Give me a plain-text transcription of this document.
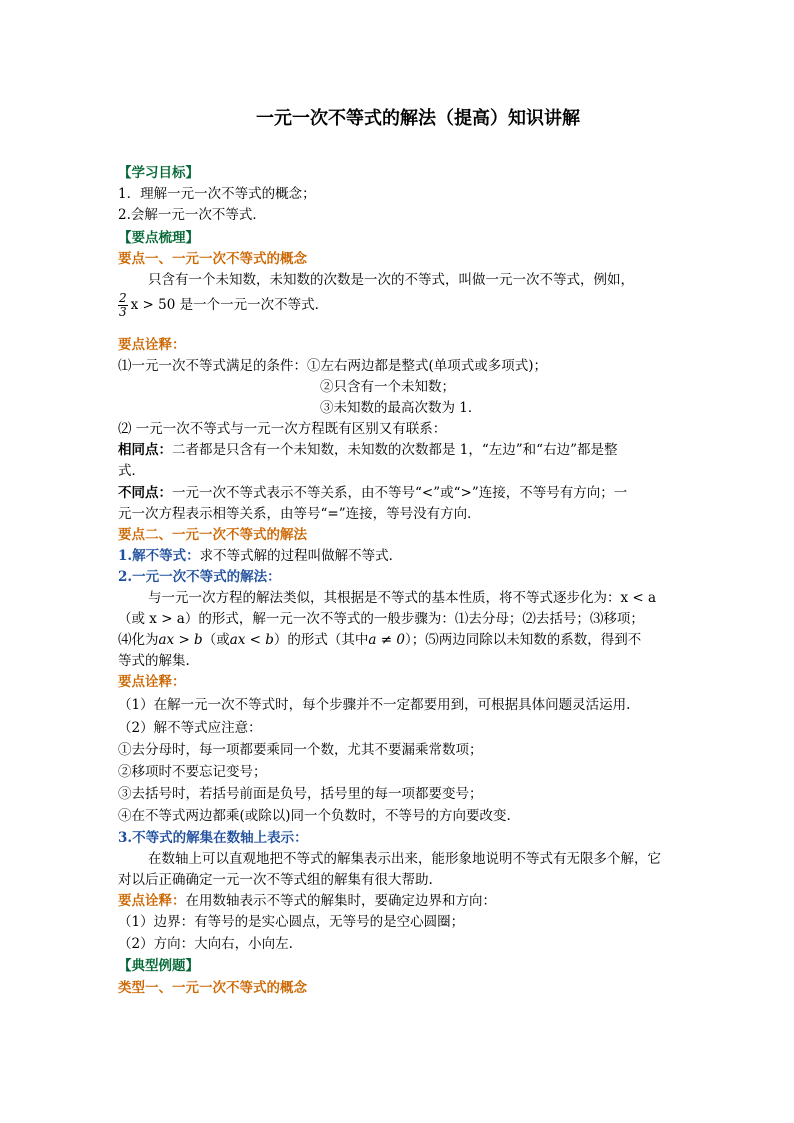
一元一次不等式的解法（提高）知识讲解
【学习目标】
1．理解一元一次不等式的概念；
2.会解一元一次不等式．
【要点梳理】
要点一、一元一次不等式的概念
只含有一个未知数，未知数的次数是一次的不等式，叫做一元一次不等式，例如，
$\frac{2}{3}$ x > 50 是一个一元一次不等式．
要点诠释：
⑴一元一次不等式满足的条件：①左右两边都是整式(单项式或多项式)；
②只含有一个未知数；
③未知数的最高次数为 1．
⑵ 一元一次不等式与一元一次方程既有区别又有联系：
相同点：二者都是只含有一个未知数，未知数的次数都是 1，“左边”和“右边”都是整
式．
不同点：一元一次不等式表示不等关系，由不等号“<”或“>”连接，不等号有方向；一
元一次方程表示相等关系，由等号“=”连接，等号没有方向．
要点二、一元一次不等式的解法
1.解不等式：求不等式解的过程叫做解不等式．
2.一元一次不等式的解法：
与一元一次方程的解法类似，其根据是不等式的基本性质，将不等式逐步化为：x < a
（或 x > a）的形式，解一元一次不等式的一般步骤为：⑴去分母；⑵去括号；⑶移项；
⑷化为ax > b（或ax < b）的形式（其中a ≠ 0）；⑸两边同除以未知数的系数，得到不
等式的解集.
要点诠释：
（1）在解一元一次不等式时，每个步骤并不一定都要用到，可根据具体问题灵活运用.
（2）解不等式应注意：
①去分母时，每一项都要乘同一个数，尤其不要漏乘常数项；
②移项时不要忘记变号；
③去括号时，若括号前面是负号，括号里的每一项都要变号；
④在不等式两边都乘(或除以)同一个负数时，不等号的方向要改变.
3.不等式的解集在数轴上表示：
在数轴上可以直观地把不等式的解集表示出来，能形象地说明不等式有无限多个解，它
对以后正确确定一元一次不等式组的解集有很大帮助.
要点诠释：在用数轴表示不等式的解集时，要确定边界和方向：
（1）边界：有等号的是实心圆点，无等号的是空心圆圈；
（2）方向：大向右，小向左.
【典型例题】
类型一、一元一次不等式的概念
